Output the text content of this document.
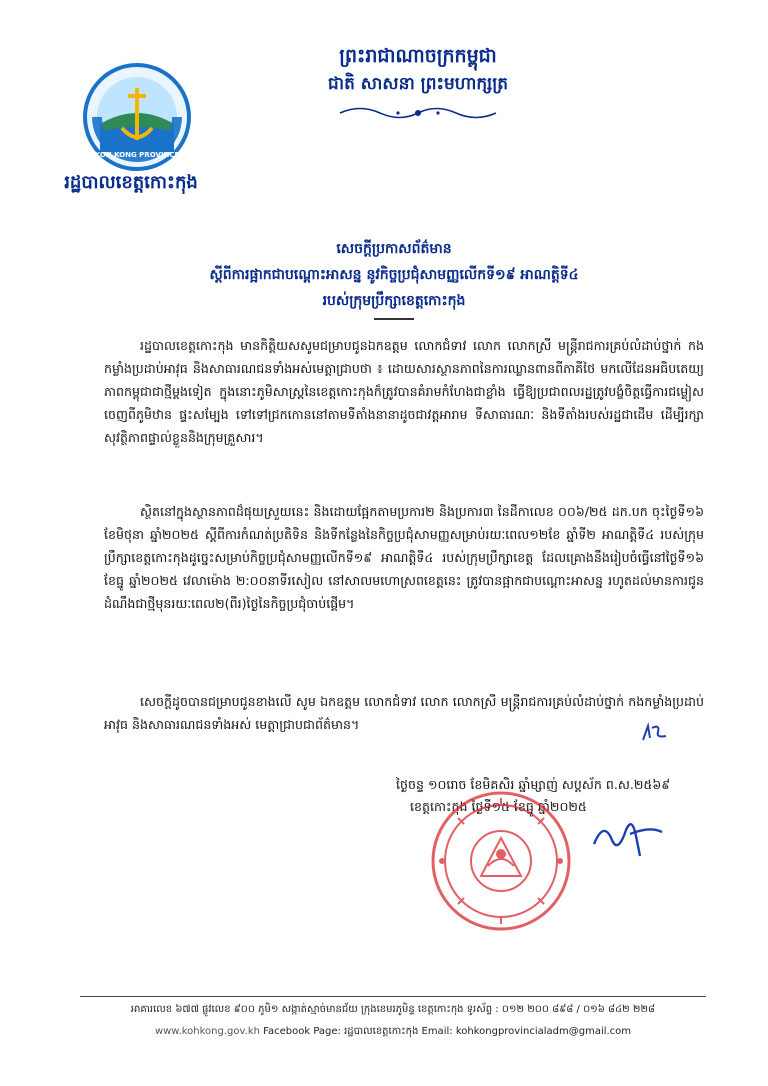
KOH KONG PROVINCE
រដ្ឋបាលខេត្តកោះកុង
ព្រះរាជាណាចក្រកម្ពុជា
ជាតិ សាសនា ព្រះមហាក្សត្រ
សេចក្តីប្រកាសព័ត៌មាន
ស្តីពីការផ្អាកជាបណ្តោះអាសន្ន នូវកិច្ចប្រជុំសាមញ្ញលើកទី១៩ អាណត្តិទី៤
របស់ក្រុមប្រឹក្សាខេត្តកោះកុង
រដ្ឋបាលខេត្តកោះកុង មានកិត្តិយសសូមជម្រាបជូនឯកឧត្តម លោកជំទាវ លោក លោកស្រី មន្ត្រីរាជការគ្រប់លំដាប់ថ្នាក់ កងកម្លាំងប្រដាប់អាវុធ និងសាធារណជនទាំងអស់មេត្តាជ្រាបថា ៖ ដោយសារស្ថានភាពនៃការឈ្លានពានពីភាគីថៃ មកលើដែនអធិបតេយ្យភាពកម្ពុជាជាថ្មីម្តងទៀត ក្នុងនោះភូមិសាស្ត្រនៃខេត្តកោះកុងក៏ត្រូវបានគំរាមកំហែងជាខ្លាំង ធ្វើឱ្យប្រជាពលរដ្ឋត្រូវបង្ខំចិត្តធ្វើការជម្លៀសចេញពីភូមិឋាន ផ្ទះសម្បែង ទៅទៅជ្រកកោននៅតាមទីតាំងនានាដូចជាវត្តអារាម ទីសាធារណៈ និងទីតាំងរបស់រដ្ឋជាដើម ដើម្បីរក្សាសុវត្ថិភាពផ្ទាល់ខ្លួននិងក្រុមគ្រួសារ។
ស្ថិតនៅក្នុងស្ថានភាពដ៏ផុយស្រួយនេះ និងដោយផ្អែកតាមប្រការ២ និងប្រការ៣ នៃដីកាលេខ ០០៦/២៥ ដក.បក ចុះថ្ងៃទី១៦ ខែមិថុនា ឆ្នាំ២០២៥ ស្តីពីការកំណត់ប្រតិទិន និងទីកន្លែងនៃកិច្ចប្រជុំសាមញ្ញសម្រាប់រយៈពេល១២ខែ ឆ្នាំទី២ អាណត្តិទី៤ របស់ក្រុមប្រឹក្សាខេត្តកោះកុងដូច្នេះសម្រាប់កិច្ចប្រជុំសាមញ្ញលើកទី១៩ អាណត្តិទី៤ របស់ក្រុមប្រឹក្សាខេត្ត ដែលគ្រោងនឹងរៀបចំធ្វើនៅថ្ងៃទី១៦ ខែធ្នូ ឆ្នាំ២០២៥ វេលាម៉ោង ២:០០នាទីរសៀល នៅសាលមហោស្រពខេត្តនេះ ត្រូវបានផ្អាកជាបណ្តោះអាសន្ន រហូតដល់មានការជូនដំណឹងជាថ្មីមុនរយៈពេល២(ពីរ)ថ្ងៃនៃកិច្ចប្រជុំចាប់ផ្តើម។
សេចក្តីដូចបានជម្រាបជូនខាងលើ សូម ឯកឧត្តម លោកជំទាវ លោក លោកស្រី មន្ត្រីរាជការគ្រប់លំដាប់ថ្នាក់ កងកម្លាំងប្រដាប់អាវុធ និងសាធារណជនទាំងអស់ មេត្តាជ្រាបជាព័ត៌មាន។
ថ្ងៃចន្ទ ១០រោច ខែមិគសិរ ឆ្នាំម្សាញ់ សប្តស័ក ព.ស.២៥៦៩
ខេត្តកោះកុង ថ្ងៃទី១៥ ខែធ្នូ ឆ្នាំ២០២៥
អាគារលេខ ៦៧៧ ផ្លូវលេខ ៩០០ ភូមិ១ សង្កាត់ស្មាច់មានជ័យ ក្រុងខេមរភូមិន្ទ ខេត្តកោះកុង ទូរស័ព្ទ : ០១២ ២០០ ៨៩៨ / ០១៦ ៨៤២ ២២៨
www.kohkong.gov.kh Facebook Page: រដ្ឋបាលខេត្តកោះកុង Email: kohkongprovincialadm@gmail.com
